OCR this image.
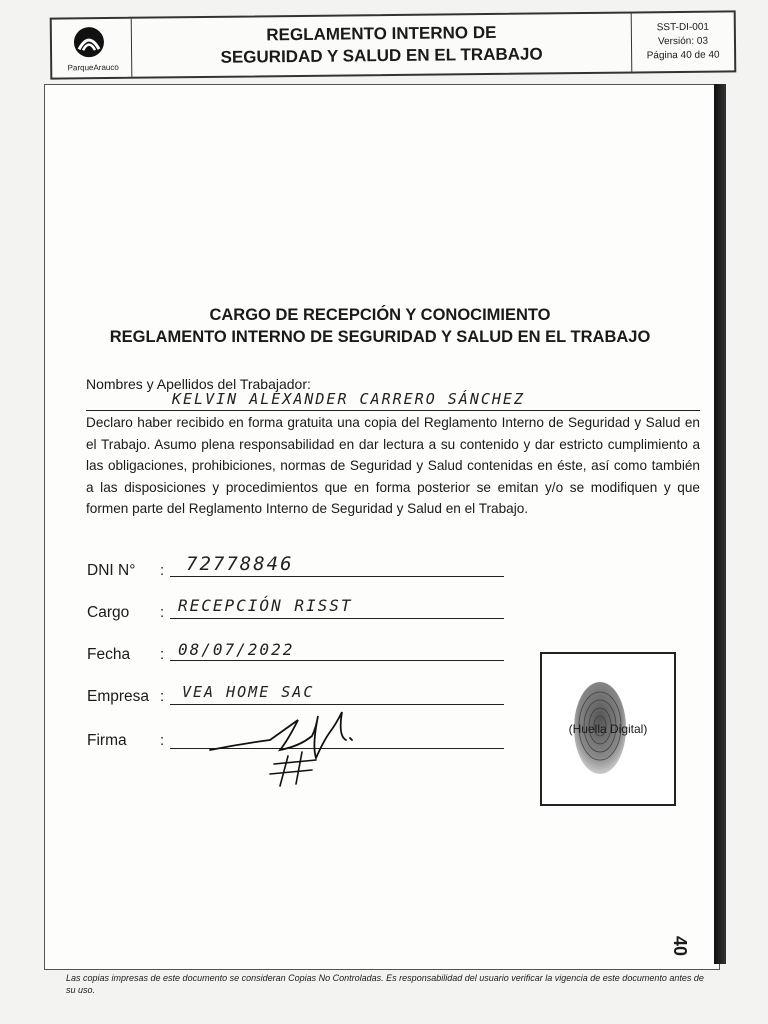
ParqueArauco
REGLAMENTO INTERNO DE
SEGURIDAD Y SALUD EN EL TRABAJO
SST-DI-001
Versión: 03
Página 40 de 40
CARGO DE RECEPCIÓN Y CONOCIMIENTO
REGLAMENTO INTERNO DE SEGURIDAD Y SALUD EN EL TRABAJO
Nombres y Apellidos del Trabajador:
KELVIN ALEXANDER CARRERO SÁNCHEZ
Declaro haber recibido en forma gratuita una copia del Reglamento Interno de Seguridad y Salud en el Trabajo. Asumo plena responsabilidad en dar lectura a su contenido y dar estricto cumplimiento a las obligaciones, prohibiciones, normas de Seguridad y Salud contenidas en éste, así como también a las disposiciones y procedimientos que en forma posterior se emitan y/o se modifiquen y que formen parte del Reglamento Interno de Seguridad y Salud en el Trabajo.
DNI N° : 72778846
Cargo : RECEPCIÓN RISST
Fecha : 08/07/2022
Empresa : VEA HOME SAC
Firma :
(Huella Digital)
40
Las copias impresas de este documento se consideran Copias No Controladas. Es responsabilidad del usuario verificar la vigencia de este documento antes de su uso.
